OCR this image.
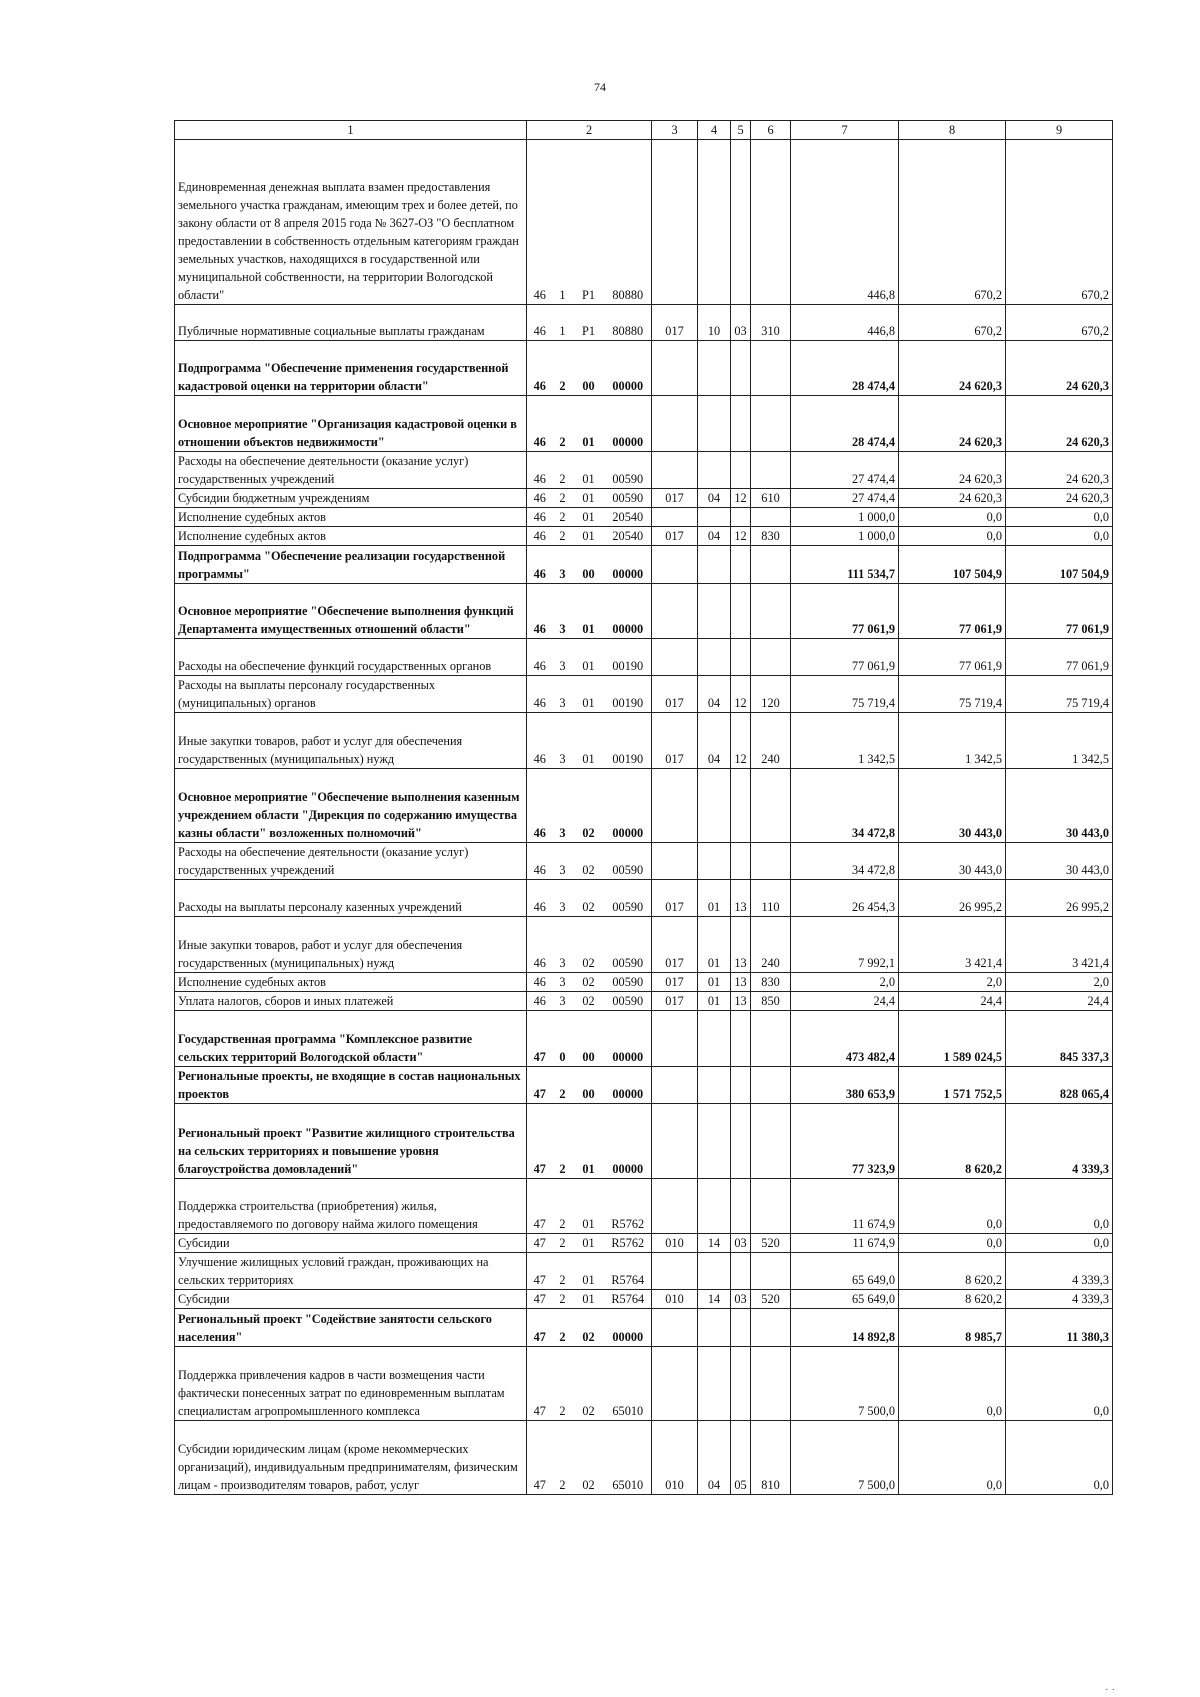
74
1	2				3	4	5	6	7	8	9
Единовременная денежная выплата взамен предоставления земельного участка гражданам, имеющим трех и более детей, по закону области от 8 апреля 2015 года № 3627-ОЗ "О бесплатном предоставлении в собственность отдельным категориям граждан земельных участков, находящихся в государственной или муниципальной собственности, на территории Вологодской области"	46	1	P1	80880					446,8	670,2	670,2
Публичные нормативные социальные выплаты гражданам	46	1	P1	80880	017	10	03	310	446,8	670,2	670,2
Подпрограмма "Обеспечение применения государственной кадастровой оценки на территории области"	46	2	00	00000					28 474,4	24 620,3	24 620,3
Основное мероприятие "Организация кадастровой оценки в отношении объектов недвижимости"	46	2	01	00000					28 474,4	24 620,3	24 620,3
Расходы на обеспечение деятельности (оказание услуг) государственных учреждений	46	2	01	00590					27 474,4	24 620,3	24 620,3
Субсидии бюджетным учреждениям	46	2	01	00590	017	04	12	610	27 474,4	24 620,3	24 620,3
Исполнение судебных актов	46	2	01	20540					1 000,0	0,0	0,0
Исполнение судебных актов	46	2	01	20540	017	04	12	830	1 000,0	0,0	0,0
Подпрограмма "Обеспечение реализации государственной программы"	46	3	00	00000					111 534,7	107 504,9	107 504,9
Основное мероприятие "Обеспечение выполнения функций Департамента имущественных отношений области"	46	3	01	00000					77 061,9	77 061,9	77 061,9
Расходы на обеспечение функций государственных органов	46	3	01	00190					77 061,9	77 061,9	77 061,9
Расходы на выплаты персоналу государственных (муниципальных) органов	46	3	01	00190	017	04	12	120	75 719,4	75 719,4	75 719,4
Иные закупки товаров, работ и услуг для обеспечения государственных (муниципальных) нужд	46	3	01	00190	017	04	12	240	1 342,5	1 342,5	1 342,5
Основное мероприятие "Обеспечение выполнения казенным учреждением области "Дирекция по содержанию имущества казны области" возложенных полномочий"	46	3	02	00000					34 472,8	30 443,0	30 443,0
Расходы на обеспечение деятельности (оказание услуг) государственных учреждений	46	3	02	00590					34 472,8	30 443,0	30 443,0
Расходы на выплаты персоналу казенных учреждений	46	3	02	00590	017	01	13	110	26 454,3	26 995,2	26 995,2
Иные закупки товаров, работ и услуг для обеспечения государственных (муниципальных) нужд	46	3	02	00590	017	01	13	240	7 992,1	3 421,4	3 421,4
Исполнение судебных актов	46	3	02	00590	017	01	13	830	2,0	2,0	2,0
Уплата налогов, сборов и иных платежей	46	3	02	00590	017	01	13	850	24,4	24,4	24,4
Государственная программа "Комплексное развитие сельских территорий Вологодской области"	47	0	00	00000					473 482,4	1 589 024,5	845 337,3
Региональные проекты, не входящие в состав национальных проектов	47	2	00	00000					380 653,9	1 571 752,5	828 065,4
Региональный проект "Развитие жилищного строительства на сельских территориях и повышение уровня благоустройства домовладений"	47	2	01	00000					77 323,9	8 620,2	4 339,3
Поддержка строительства (приобретения) жилья, предоставляемого по договору найма жилого помещения	47	2	01	R5762					11 674,9	0,0	0,0
Субсидии	47	2	01	R5762	010	14	03	520	11 674,9	0,0	0,0
Улучшение жилищных условий граждан, проживающих на сельских территориях	47	2	01	R5764					65 649,0	8 620,2	4 339,3
Субсидии	47	2	01	R5764	010	14	03	520	65 649,0	8 620,2	4 339,3
Региональный проект "Содействие занятости сельского населения"	47	2	02	00000					14 892,8	8 985,7	11 380,3
Поддержка привлечения кадров в части возмещения части фактически понесенных затрат по единовременным выплатам специалистам агропромышленного комплекса	47	2	02	65010					7 500,0	0,0	0,0
Субсидии юридическим лицам (кроме некоммерческих организаций), индивидуальным предпринимателям, физическим лицам - производителям товаров, работ, услуг	47	2	02	65010	010	04	05	810	7 500,0	0,0	0,0
· ·
